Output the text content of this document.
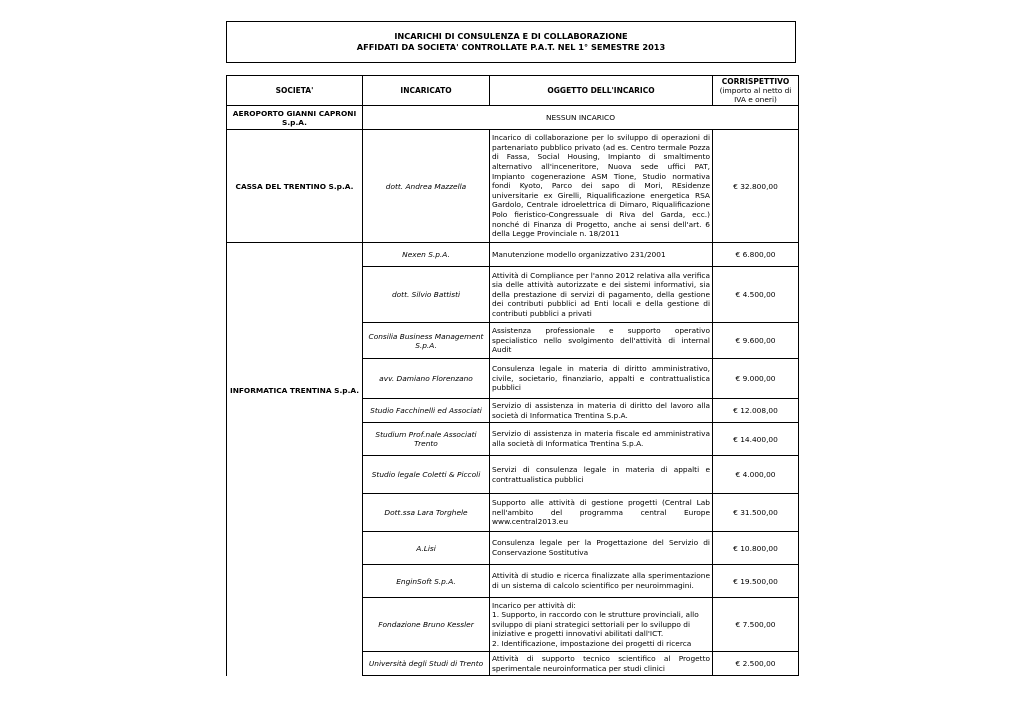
INCARICHI DI CONSULENZA E DI COLLABORAZIONE
AFFIDATI DA SOCIETA' CONTROLLATE P.A.T. NEL 1° SEMESTRE 2013
SOCIETA'	INCARICATO	OGGETTO DELL'INCARICO	CORRISPETTIVO
(importo al netto di IVA e oneri)

AEROPORTO GIANNI CAPRONI S.p.A.	NESSUN INCARICO		
CASSA DEL TRENTINO S.p.A.	dott. Andrea Mazzella	Incarico di collaborazione per lo sviluppo di operazioni di partenariato pubblico privato (ad es. Centro termale Pozza di Fassa, Social Housing, Impianto di smaltimento alternativo all'inceneritore, Nuova sede uffici PAT, Impianto cogenerazione ASM Tione, Studio normativa fondi Kyoto, Parco dei sapo di Mori, REsidenze universitarie ex Girelli, Riqualificazione energetica RSA Gardolo, Centrale idroelettrica di Dimaro, Riqualificazione Polo fieristico-Congressuale di Riva del Garda, ecc.) nonché di Finanza di Progetto, anche ai sensi dell'art. 6 della Legge Provinciale n. 18/2011	€ 32.800,00

INFORMATICA TRENTINA S.p.A.	Nexen S.p.A.	Manutenzione modello organizzativo 231/2001	€ 6.800,00
	dott. Silvio Battisti	Attività di Compliance per l'anno 2012 relativa alla verifica sia delle attività autorizzate e dei sistemi informativi, sia della prestazione di servizi di pagamento, della gestione dei contributi pubblici ad Enti locali e della gestione di contributi pubblici a privati	€ 4.500,00
	Consilia Business Management S.p.A.	Assistenza professionale e supporto operativo specialistico nello svolgimento dell'attività di internal Audit	€ 9.600,00
	avv. Damiano Florenzano	Consulenza legale in materia di diritto amministrativo, civile, societario, finanziario, appalti e contrattualistica pubblici	€ 9.000,00
	Studio Facchinelli ed Associati	Servizio di assistenza in materia di diritto del lavoro alla società di Informatica Trentina S.p.A.	€ 12.008,00
	Studium Prof.nale Associati Trento	Servizio di assistenza in materia fiscale ed amministrativa alla società di Informatica Trentina S.p.A.	€ 14.400,00
	Studio legale Coletti & Piccoli	Servizi di consulenza legale in materia di appalti e contrattualistica pubblici	€ 4.000,00
	Dott.ssa Lara Torghele	Supporto alle attività di gestione progetti (Central Lab nell'ambito del programma central Europe www.central2013.eu	€ 31.500,00
	A.Lisi	Consulenza legale per la Progettazione del Servizio di Conservazione Sostitutiva	€ 10.800,00
	EnginSoft S.p.A.	Attività di studio e ricerca finalizzate alla sperimentazione di un sistema di calcolo scientifico per neuroimmagini.	€ 19.500,00
	Fondazione Bruno Kessler	Incarico per attività di:
1. Supporto, in raccordo con le strutture provinciali, allo sviluppo di piani strategici settoriali per lo sviluppo di iniziative e progetti innovativi abilitati dall'ICT.
2. Identificazione, impostazione dei progetti di ricerca	€ 7.500,00
	Università degli Studi di Trento	Attività di supporto tecnico scientifico al Progetto sperimentale neuroinformatica per studi clinici	€ 2.500,00
